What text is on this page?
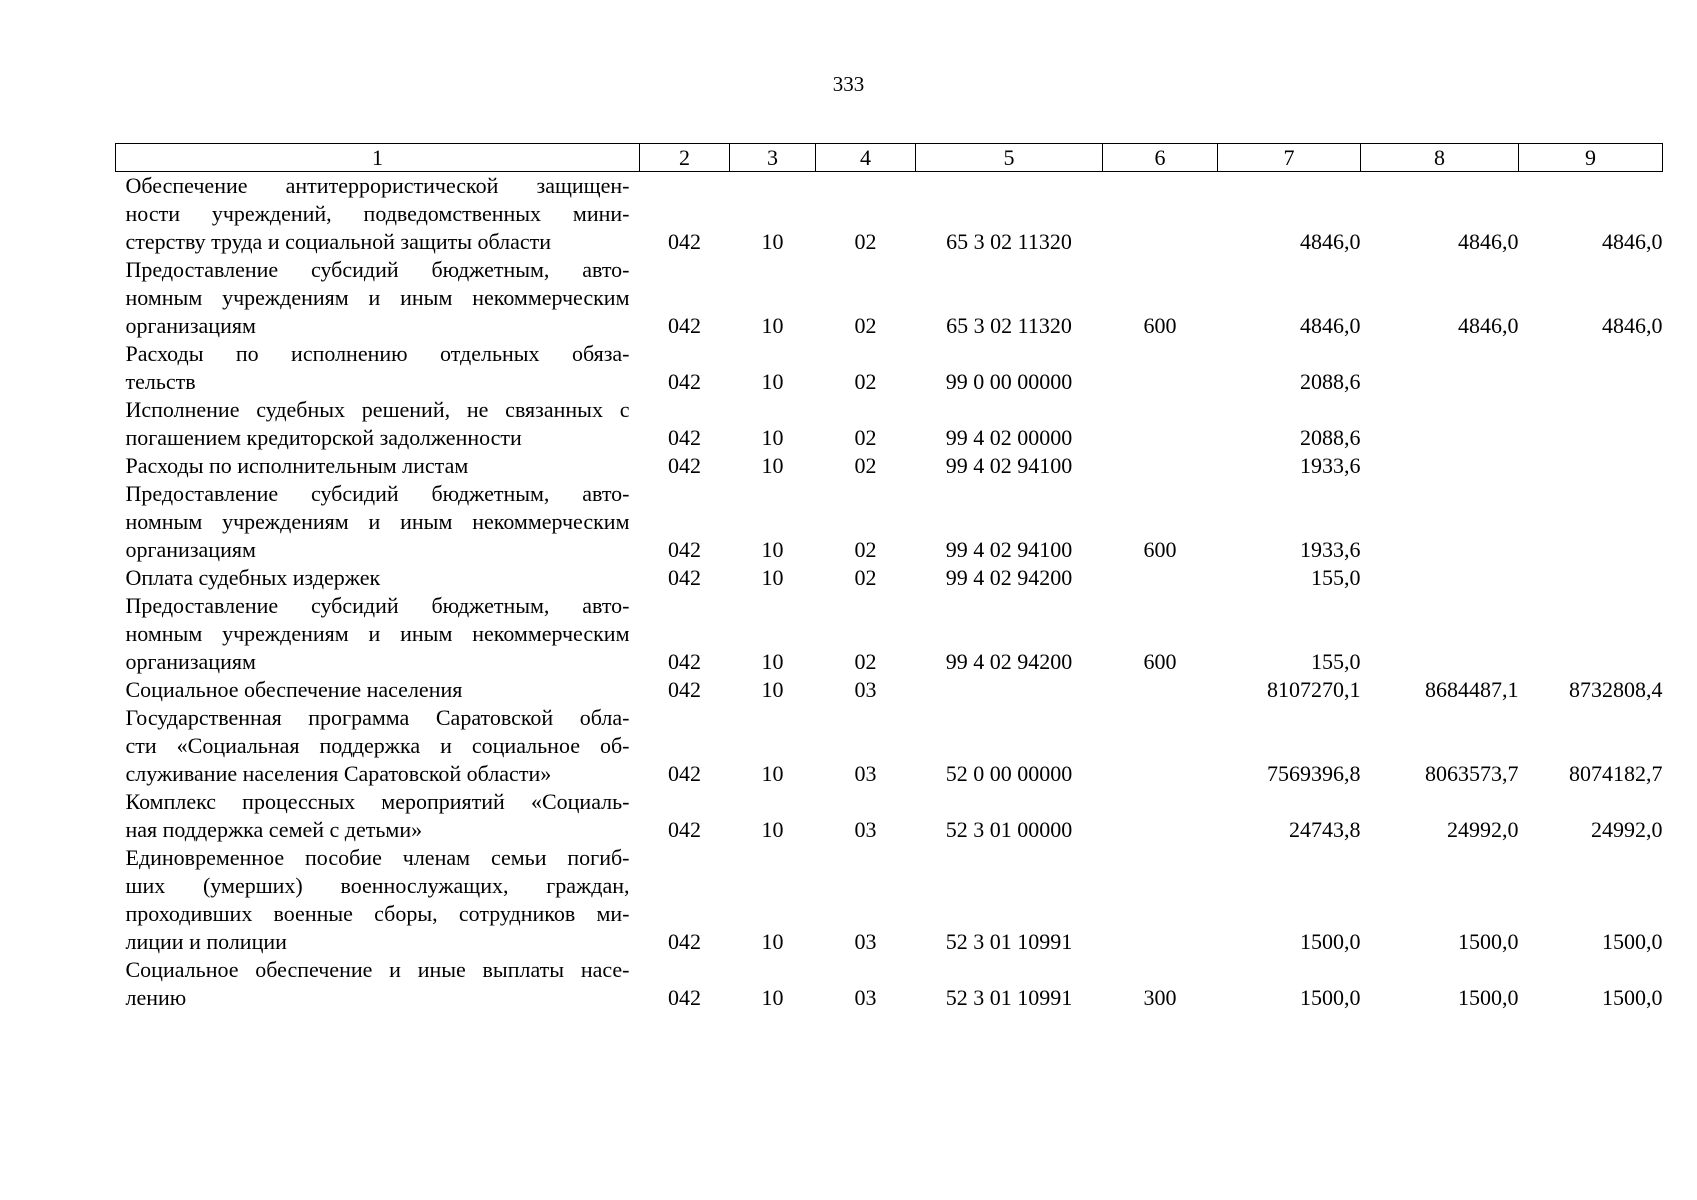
333
1	2	3	4	5	6	7	8	9

Обеспечение антитеррористической защищен-
ности учреждений, подведомственных мини-
стерству труда и социальной защиты области	042	10	02	65 3 02 11320		4846,0	4846,0	4846,0

Предоставление субсидий бюджетным, авто-
номным учреждениям и иным некоммерческим
организациям	042	10	02	65 3 02 11320	600	4846,0	4846,0	4846,0

Расходы по исполнению отдельных обяза-
тельств	042	10	02	99 0 00 00000		2088,6		

Исполнение судебных решений, не связанных с
погашением кредиторской задолженности	042	10	02	99 4 02 00000		2088,6		

Расходы по исполнительным листам	042	10	02	99 4 02 94100		1933,6		

Предоставление субсидий бюджетным, авто-
номным учреждениям и иным некоммерческим
организациям	042	10	02	99 4 02 94100	600	1933,6		

Оплата судебных издержек	042	10	02	99 4 02 94200		155,0		

Предоставление субсидий бюджетным, авто-
номным учреждениям и иным некоммерческим
организациям	042	10	02	99 4 02 94200	600	155,0		

Социальное обеспечение населения	042	10	03			8107270,1	8684487,1	8732808,4

Государственная программа Саратовской обла-
сти «Социальная поддержка и социальное об-
служивание населения Саратовской области»	042	10	03	52 0 00 00000		7569396,8	8063573,7	8074182,7

Комплекс процессных мероприятий «Социаль-
ная поддержка семей с детьми»	042	10	03	52 3 01 00000		24743,8	24992,0	24992,0

Единовременное пособие членам семьи погиб-
ших (умерших) военнослужащих, граждан,
проходивших военные сборы, сотрудников ми-
лиции и полиции	042	10	03	52 3 01 10991		1500,0	1500,0	1500,0

Социальное обеспечение и иные выплаты насе-
лению	042	10	03	52 3 01 10991	300	1500,0	1500,0	1500,0
